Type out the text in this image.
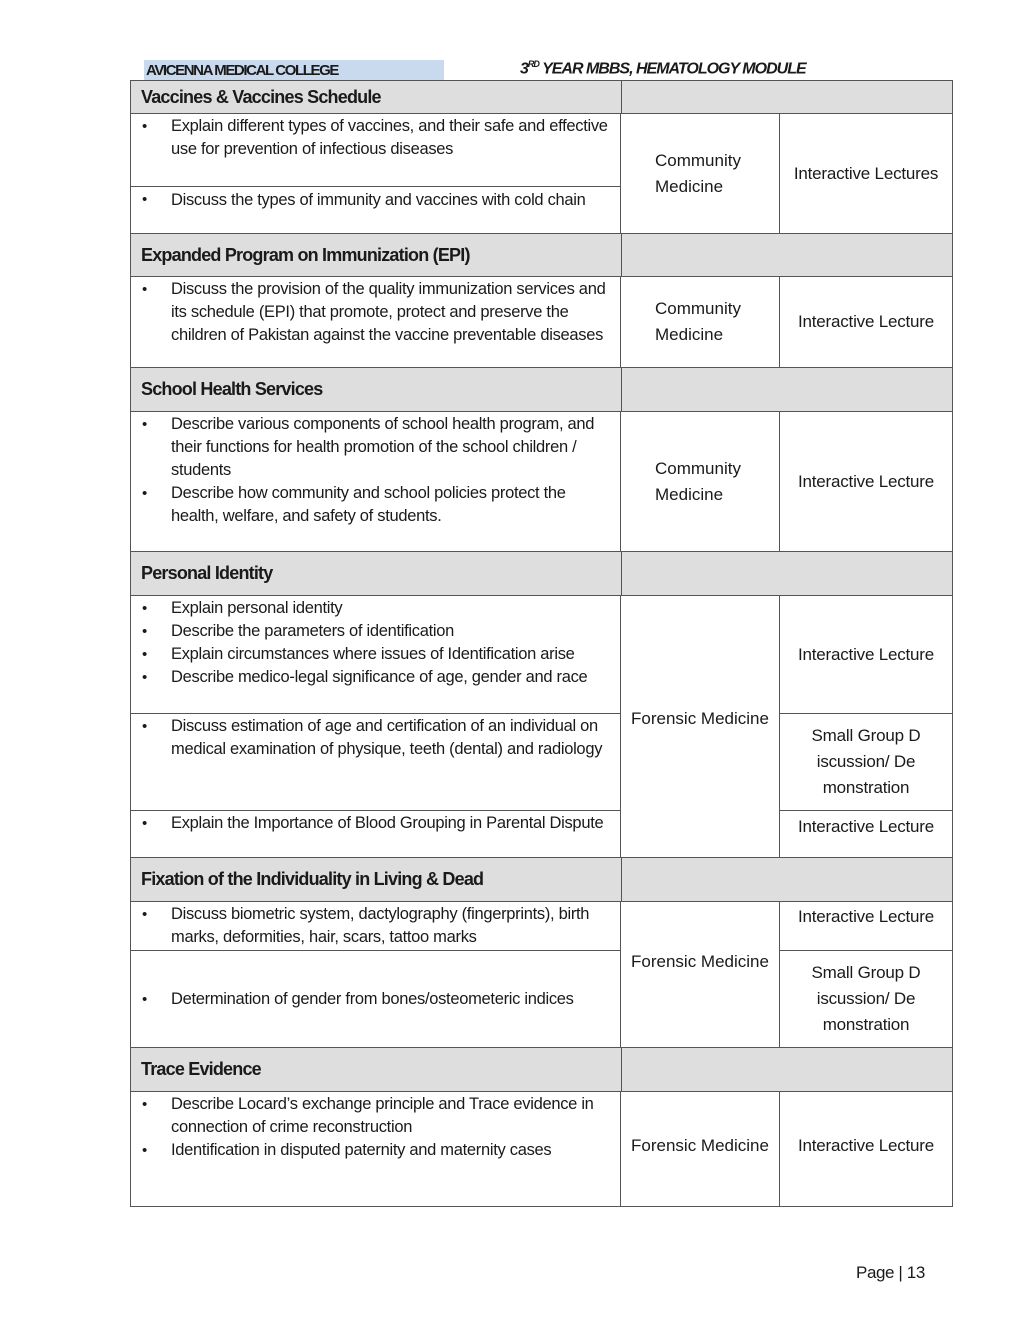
AVICENNA MEDICAL COLLEGE	3RD YEAR MBBS, HEMATOLOGY MODULE
Vaccines & Vaccines Schedule
• Explain different types of vaccines, and their safe and effective use for prevention of infectious diseases
• Discuss the types of immunity and vaccines with cold chain
Community Medicine
Interactive Lectures
Expanded Program on Immunization (EPI)
• Discuss the provision of the quality immunization services and its schedule (EPI) that promote, protect and preserve the children of Pakistan against the vaccine preventable diseases
Community Medicine
Interactive Lecture
School Health Services
• Describe various components of school health program, and their functions for health promotion of the school children / students
• Describe how community and school policies protect the health, welfare, and safety of students.
Community Medicine
Interactive Lecture
Personal Identity
• Explain personal identity
• Describe the parameters of identification
• Explain circumstances where issues of Identification arise
• Describe medico-legal significance of age, gender and race
• Discuss estimation of age and certification of an individual on medical examination of physique, teeth (dental) and radiology
• Explain the Importance of Blood Grouping in Parental Dispute
Forensic Medicine
Interactive Lecture
Small Group Discussion/ Demonstration
Interactive Lecture
Fixation of the Individuality in Living & Dead
• Discuss biometric system, dactylography (fingerprints), birth marks, deformities, hair, scars, tattoo marks
• Determination of gender from bones/osteometeric indices
Forensic Medicine
Interactive Lecture
Small Group Discussion/ Demonstration
Trace Evidence
• Describe Locard’s exchange principle and Trace evidence in connection of crime reconstruction
• Identification in disputed paternity and maternity cases	Forensic Medicine Interactive Lecture
Page | 13
